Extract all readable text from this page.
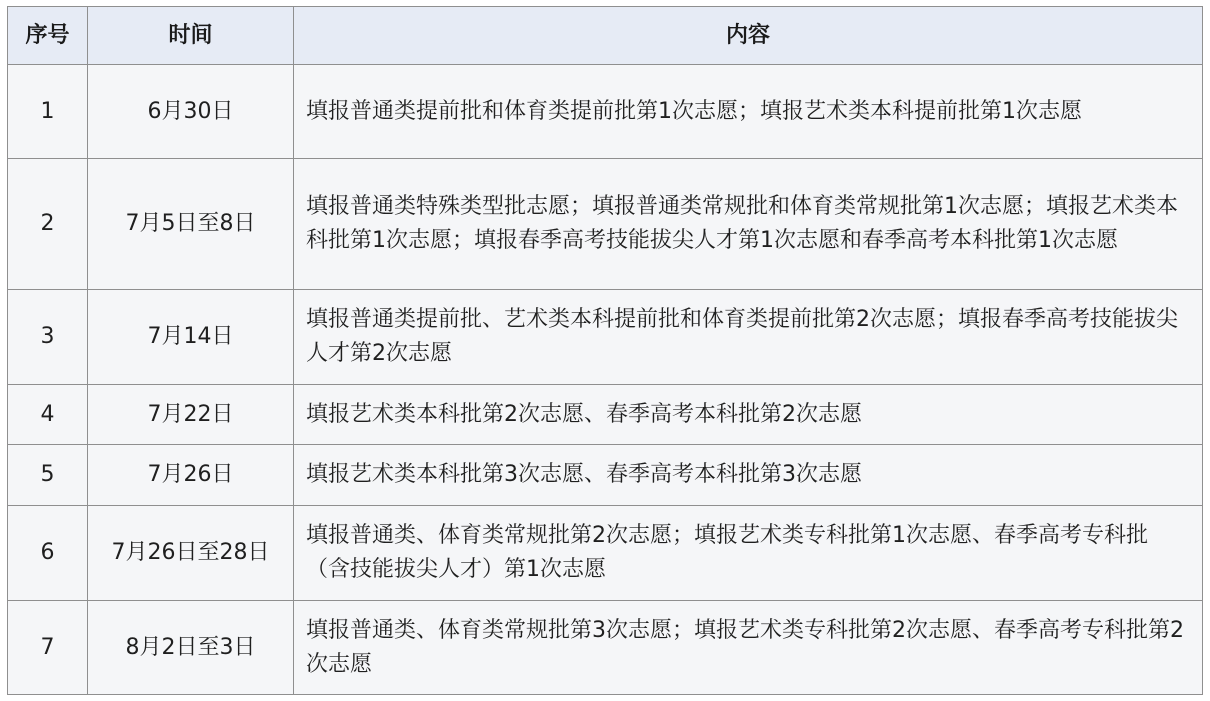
序号	时间	内容
1	6月30日	填报普通类提前批和体育类提前批第1次志愿；填报艺术类本科提前批第1次志愿
2	7月5日至8日	填报普通类特殊类型批志愿；填报普通类常规批和体育类常规批第1次志愿；填报艺术类本科批第1次志愿；填报春季高考技能拔尖人才第1次志愿和春季高考本科批第1次志愿
3	7月14日	填报普通类提前批、艺术类本科提前批和体育类提前批第2次志愿；填报春季高考技能拔尖人才第2次志愿
4	7月22日	填报艺术类本科批第2次志愿、春季高考本科批第2次志愿
5	7月26日	填报艺术类本科批第3次志愿、春季高考本科批第3次志愿
6	7月26日至28日	填报普通类、体育类常规批第2次志愿；填报艺术类专科批第1次志愿、春季高考专科批（含技能拔尖人才）第1次志愿
7	8月2日至3日	填报普通类、体育类常规批第3次志愿；填报艺术类专科批第2次志愿、春季高考专科批第2次志愿
